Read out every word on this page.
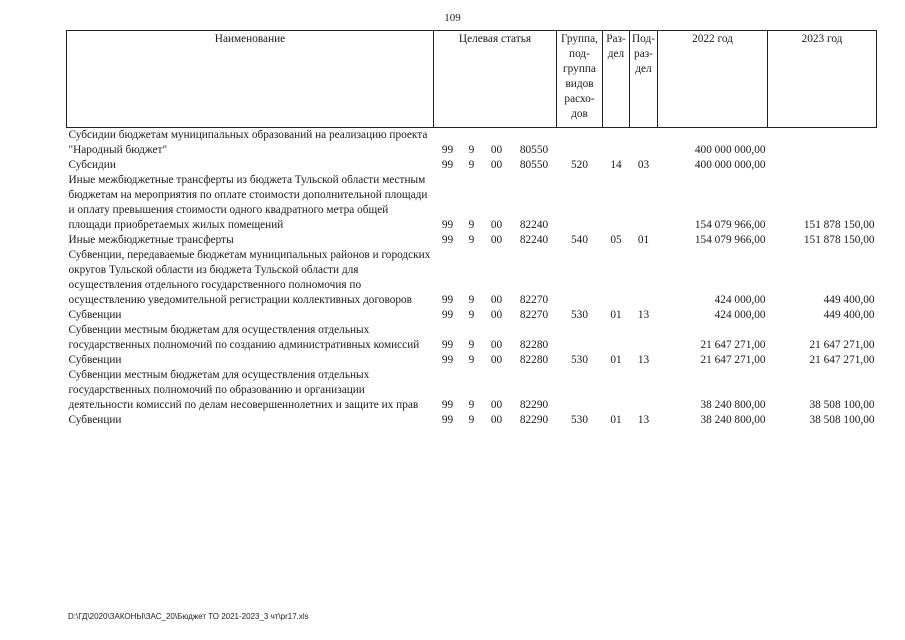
109
Наименование	Целевая статья				Группа, под- группа видов расхо- дов	Раз- дел	Под- раз- дел	2022 год	2023 год
Субсидии бюджетам муниципальных образований на реализацию проекта "Народный бюджет"	99	9	00	80550				400 000 000,00	
Субсидии	99	9	00	80550	520	14	03	400 000 000,00	
Иные межбюджетные трансферты из бюджета Тульской области местным бюджетам на мероприятия по оплате стоимости дополнительной площади и оплату превышения стоимости одного квадратного метра общей площади приобретаемых жилых помещений	99	9	00	82240				154 079 966,00	151 878 150,00
Иные межбюджетные трансферты	99	9	00	82240	540	05	01	154 079 966,00	151 878 150,00
Субвенции, передаваемые бюджетам муниципальных районов и городских округов Тульской области из бюджета Тульской области для осуществления отдельного государственного полномочия по осуществлению уведомительной регистрации коллективных договоров	99	9	00	82270				424 000,00	449 400,00
Субвенции	99	9	00	82270	530	01	13	424 000,00	449 400,00
Субвенции местным бюджетам для осуществления отдельных государственных полномочий по созданию административных комиссий	99	9	00	82280				21 647 271,00	21 647 271,00
Субвенции	99	9	00	82280	530	01	13	21 647 271,00	21 647 271,00
Субвенции местным бюджетам для осуществления отдельных государственных полномочий по образованию и организации деятельности комиссий по делам несовершеннолетних и защите их прав	99	9	00	82290				38 240 800,00	38 508 100,00
Субвенции	99	9	00	82290	530	01	13	38 240 800,00	38 508 100,00
D:\ГД\2020\ЗАКОНЫ\ЗАС_20\Бюджет ТО 2021-2023_3 чт\pr17.xls
